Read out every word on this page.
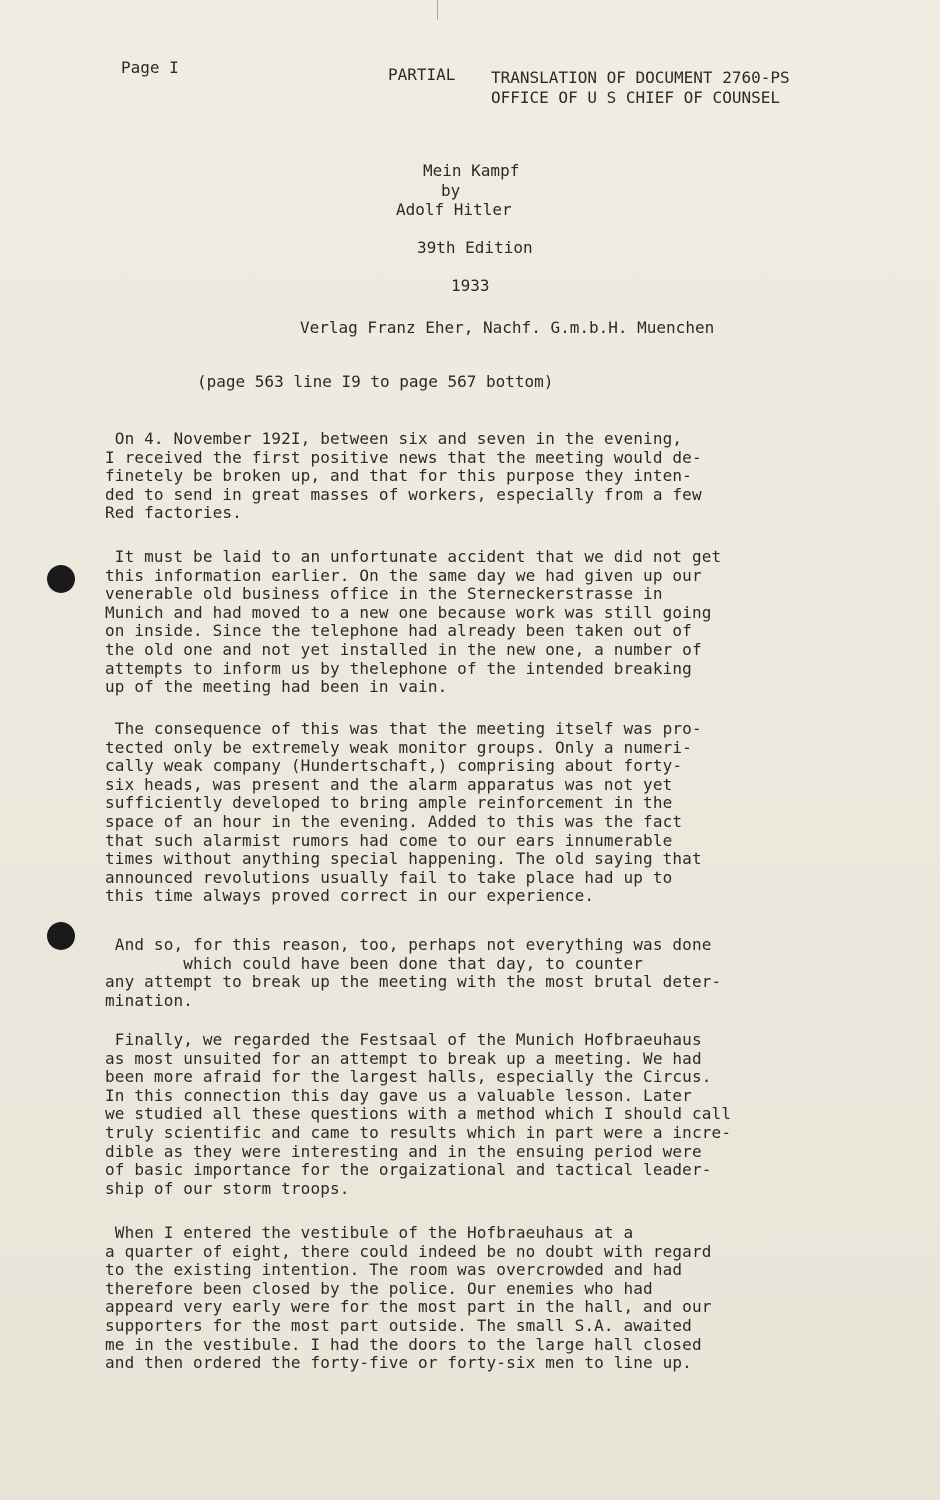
Page I	PARTIAL TRANSLATION OF DOCUMENT 2760-PS
OFFICE OF U S CHIEF OF COUNSEL
Mein Kampf
by
Adolf Hitler
39th Edition
1933
Verlag Franz Eher, Nachf. G.m.b.H. Muenchen
(page 563 line I9 to page 567 bottom)

On 4. November 192I, between six and seven in the evening,
I received the first positive news that the meeting would de-
finetely be broken up, and that for this purpose they inten-
ded to send in great masses of workers, especially from a few
Red factories.

It must be laid to an unfortunate accident that we did not get
this information earlier. On the same day we had given up our
venerable old business office in the Sterneckerstrasse in
Munich and had moved to a new one because work was still going
on inside. Since the telephone had already been taken out of
the old one and not yet installed in the new one, a number of
attempts to inform us by thelephone of the intended breaking
up of the meeting had been in vain.

The consequence of this was that the meeting itself was pro-
tected only be extremely weak monitor groups. Only a numeri-
cally weak company (Hundertschaft,) comprising about forty-
six heads, was present and the alarm apparatus was not yet
sufficiently developed to bring ample reinforcement in the
space of an hour in the evening. Added to this was the fact
that such alarmist rumors had come to our ears innumerable
times without anything special happening. The old saying that
announced revolutions usually fail to take place had up to
this time always proved correct in our experience.

And so, for this reason, too, perhaps not everything was done
which could have been done that day, to counter
any attempt to break up the meeting with the most brutal deter-
mination.

Finally, we regarded the Festsaal of the Munich Hofbraeuhaus
as most unsuited for an attempt to break up a meeting. We had
been more afraid for the largest halls, especially the Circus.
In this connection this day gave us a valuable lesson. Later
we studied all these questions with a method which I should call
truly scientific and came to results which in part were a incre-
dible as they were interesting and in the ensuing period were
of basic importance for the orgaizational and tactical leader-
ship of our storm troops.

When I entered the vestibule of the Hofbraeuhaus at a
a quarter of eight, there could indeed be no doubt with regard
to the existing intention. The room was overcrowded and had
therefore been closed by the police. Our enemies who had
appeard very early were for the most part in the hall, and our
supporters for the most part outside. The small S.A. awaited
me in the vestibule. I had the doors to the large hall closed
and then ordered the forty-five or forty-six men to line up.
